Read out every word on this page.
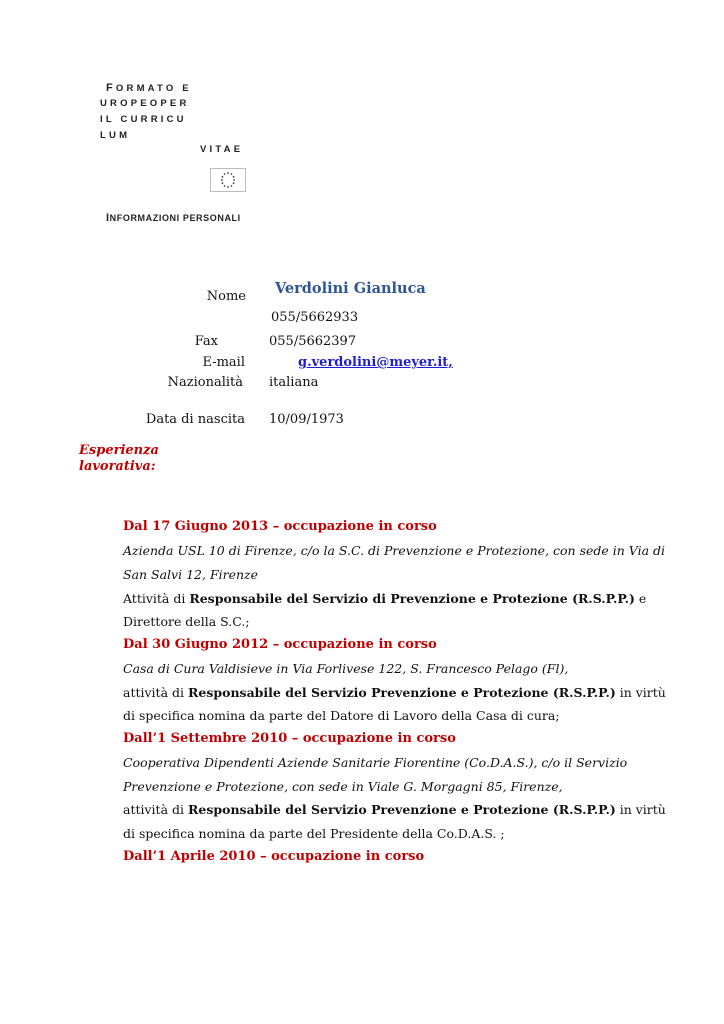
FORMATO E
UROPEOPER
IL CURRICU
LUM
VITAE
INFORMAZIONI PERSONALI
Nome Verdolini Gianluca
055/5662933
Fax	055/5662397
E-mail	g.verdolini@meyer.it,
Nazionalità italiana
Data di nascita 10/09/1973
Esperienza
lavorativa:
Dal 17 Giugno 2013 – occupazione in corso
Azienda USL 10 di Firenze, c/o la S.C. di Prevenzione e Protezione, con sede in Via di
San Salvi 12, Firenze
Attività di Responsabile del Servizio di Prevenzione e Protezione (R.S.P.P.) e
Direttore della S.C.;
Dal 30 Giugno 2012 – occupazione in corso
Casa di Cura Valdisieve in Via Forlivese 122, S. Francesco Pelago (Fl),
attività di Responsabile del Servizio Prevenzione e Protezione (R.S.P.P.) in virtù
di specifica nomina da parte del Datore di Lavoro della Casa di cura;
Dall’1 Settembre 2010 – occupazione in corso
Cooperativa Dipendenti Aziende Sanitarie Fiorentine (Co.D.A.S.), c/o il Servizio
Prevenzione e Protezione, con sede in Viale G. Morgagni 85, Firenze,
attività di Responsabile del Servizio Prevenzione e Protezione (R.S.P.P.) in virtù
di specifica nomina da parte del Presidente della Co.D.A.S. ;
Dall’1 Aprile 2010 – occupazione in corso
